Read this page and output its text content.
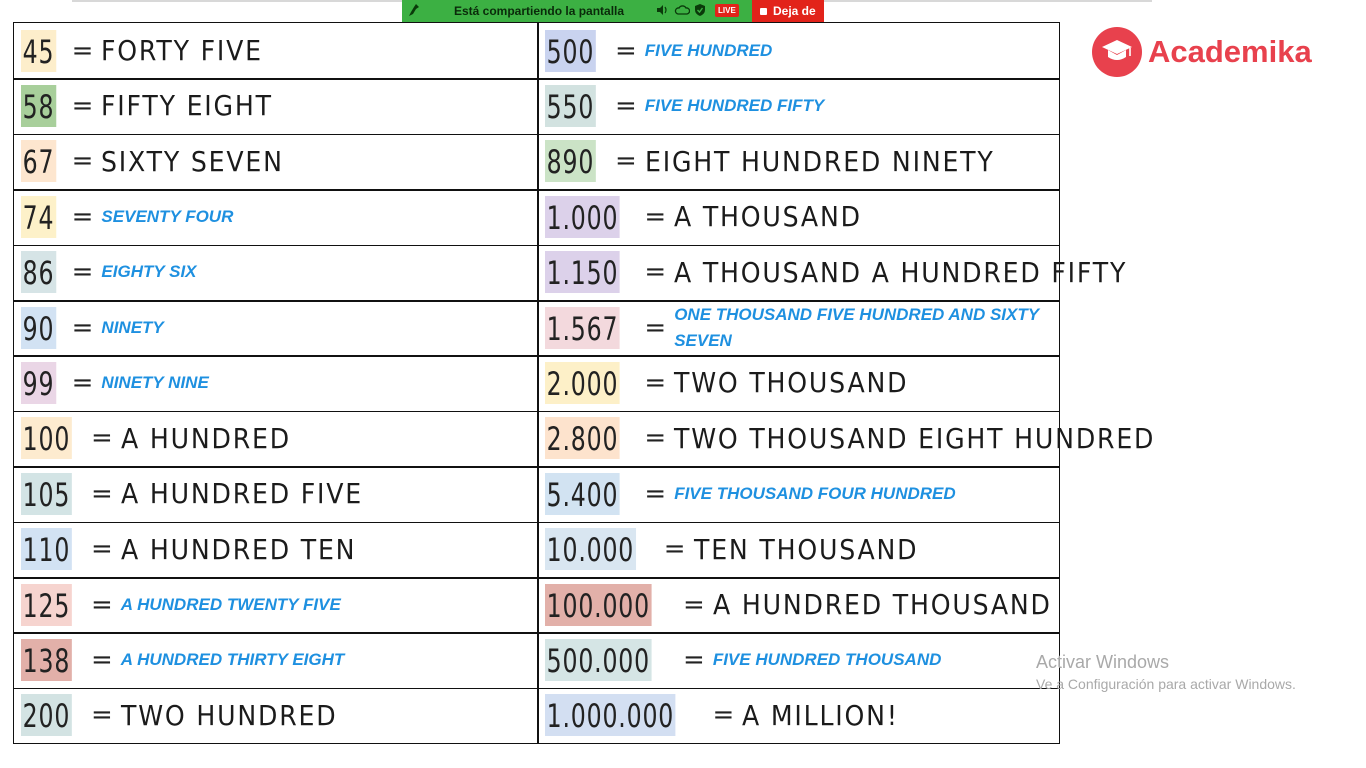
Está compartiendo la pantalla	LIVE	Deja de
45 = FORTY FIVE	500 = FIVE HUNDRED
58 = FIFTY EIGHT	550 = FIVE HUNDRED FIFTY
67 = SIXTY SEVEN	890 = EIGHT HUNDRED NINETY
74 = SEVENTY FOUR	1.000 = A THOUSAND
86 = EIGHTY SIX	1.150 = A THOUSAND A HUNDRED FIFTY
90 = NINETY	1.567 = ONE THOUSAND FIVE HUNDRED AND SIXTY SEVEN
99 = NINETY NINE	2.000 = TWO THOUSAND
100 = A HUNDRED	2.800 = TWO THOUSAND EIGHT HUNDRED
105 = A HUNDRED FIVE	5.400 = FIVE THOUSAND FOUR HUNDRED
110 = A HUNDRED TEN	10.000 = TEN THOUSAND
125 = A HUNDRED TWENTY FIVE	100.000 = A HUNDRED THOUSAND
138 = A HUNDRED THIRTY EIGHT	500.000 = FIVE HUNDRED THOUSAND
200 = TWO HUNDRED	1.000.000 = A MILLION!
Academika
Activar Windows
Ve a Configuración para activar Windows.
